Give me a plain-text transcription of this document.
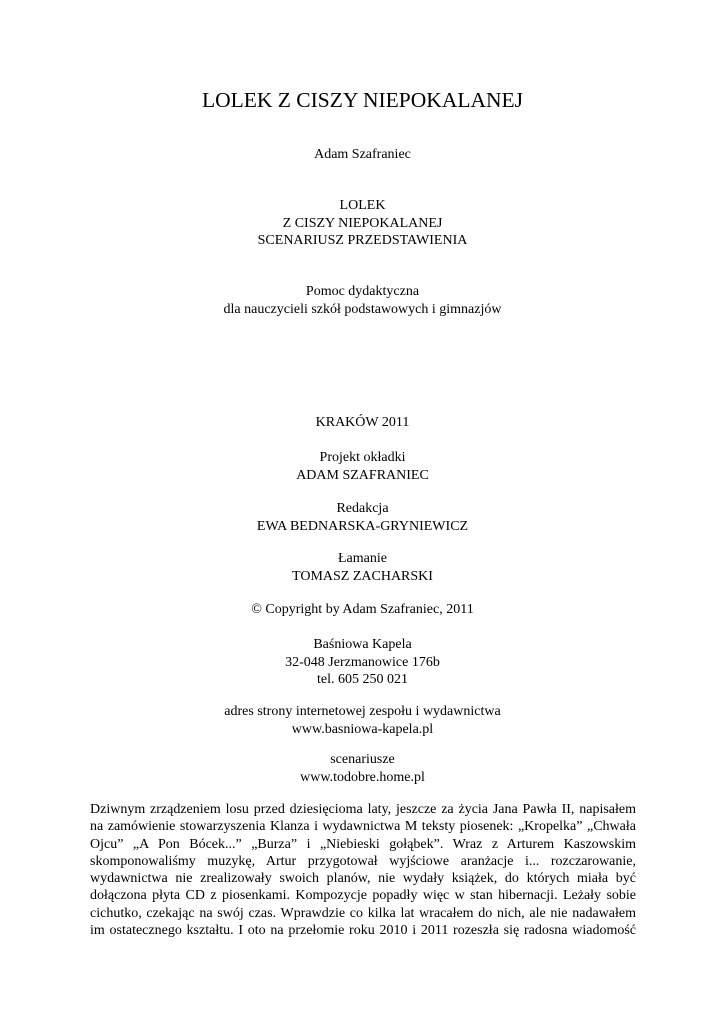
LOLEK Z CISZY NIEPOKALANEJ
Adam Szafraniec
LOLEK
Z CISZY NIEPOKALANEJ
SCENARIUSZ PRZEDSTAWIENIA
Pomoc dydaktyczna
dla nauczycieli szkół podstawowych i gimnazjów
KRAKÓW 2011
Projekt okładki
ADAM SZAFRANIEC
Redakcja
EWA BEDNARSKA-GRYNIEWICZ
Łamanie
TOMASZ ZACHARSKI
© Copyright by Adam Szafraniec, 2011
Baśniowa Kapela
32-048 Jerzmanowice 176b
tel. 605 250 021
adres strony internetowej zespołu i wydawnictwa
www.basniowa-kapela.pl
scenariusze
www.todobre.home.pl
Dziwnym zrządzeniem losu przed dziesięcioma laty, jeszcze za życia Jana Pawła II, napisałem
na zamówienie stowarzyszenia Klanza i wydawnictwa M teksty piosenek: „Kropelka” „Chwała
Ojcu” „A Pon Bócek...” „Burza” i „Niebieski gołąbek”. Wraz z Arturem Kaszowskim
skomponowaliśmy muzykę, Artur przygotował wyjściowe aranżacje i... rozczarowanie,
wydawnictwa nie zrealizowały swoich planów, nie wydały książek, do których miała być
dołączona płyta CD z piosenkami. Kompozycje popadły więc w stan hibernacji. Leżały sobie
cichutko, czekając na swój czas. Wprawdzie co kilka lat wracałem do nich, ale nie nadawałem
im ostatecznego kształtu. I oto na przełomie roku 2010 i 2011 rozeszła się radosna wiadomość
